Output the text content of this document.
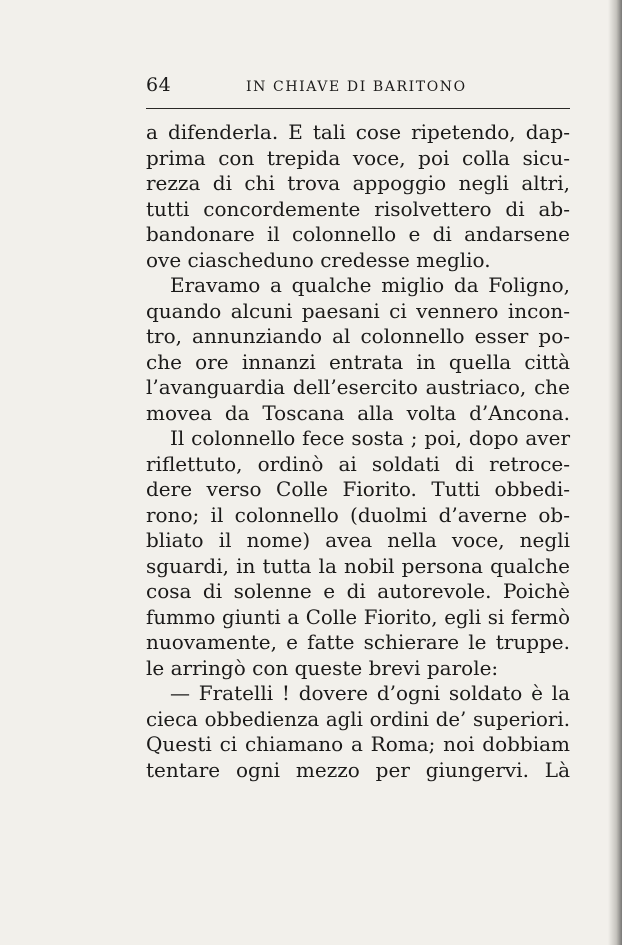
64	IN CHIAVE DI BARITONO
a difenderla. E tali cose ripetendo, dap-
prima con trepida voce, poi colla sicu-
rezza di chi trova appoggio negli altri,
tutti concordemente risolvettero di ab-
bandonare il colonnello e di andarsene
ove ciascheduno credesse meglio.
Eravamo a qualche miglio da Foligno,
quando alcuni paesani ci vennero incon-
tro, annunziando al colonnello esser po-
che ore innanzi entrata in quella città
l’avanguardia dell’esercito austriaco, che
movea da Toscana alla volta d’Ancona.
Il colonnello fece sosta ; poi, dopo aver
riflettuto, ordinò ai soldati di retroce-
dere verso Colle Fiorito. Tutti obbedi-
rono; il colonnello (duolmi d’averne ob-
bliato il nome) avea nella voce, negli
sguardi, in tutta la nobil persona qualche
cosa di solenne e di autorevole. Poichè
fummo giunti a Colle Fiorito, egli si fermò
nuovamente, e fatte schierare le truppe.
le arringò con queste brevi parole:
— Fratelli ! dovere d’ogni soldato è la
cieca obbedienza agli ordini de’ superiori.
Questi ci chiamano a Roma; noi dobbiam
tentare ogni mezzo per giungervi. Là
